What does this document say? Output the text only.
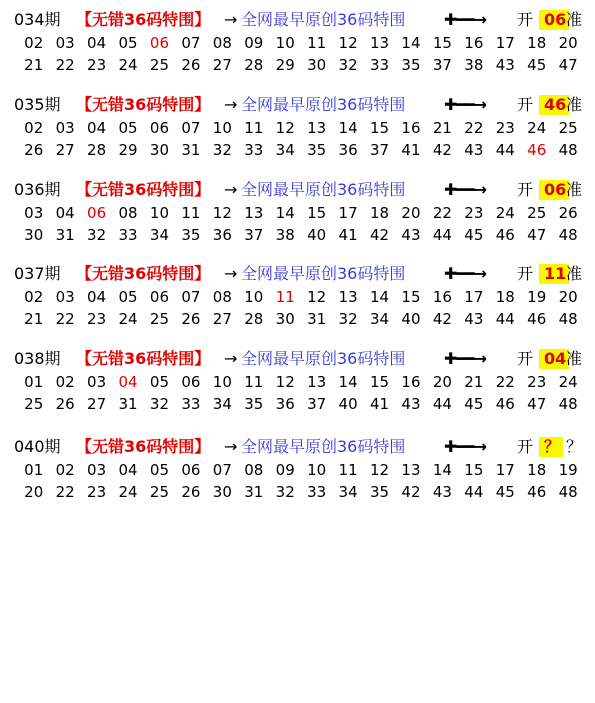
034期 【无错36码特围】 → 全网最早原创36码特围 ✚━━→ 开 06 准
02 03 04 05 06 07 08 09 10 11 12 13 14 15 16 17 18 20
21 22 23 24 25 26 27 28 29 30 32 33 35 37 38 43 45 47
035期 【无错36码特围】 → 全网最早原创36码特围 ✚━━→ 开 46 准
02 03 04 05 06 07 10 11 12 13 14 15 16 21 22 23 24 25
26 27 28 29 30 31 32 33 34 35 36 37 41 42 43 44 46 48
036期 【无错36码特围】 → 全网最早原创36码特围 ✚━━→ 开 06 准
03 04 06 08 10 11 12 13 14 15 17 18 20 22 23 24 25 26
30 31 32 33 34 35 36 37 38 40 41 42 43 44 45 46 47 48
037期 【无错36码特围】 → 全网最早原创36码特围 ✚━━→ 开 11 准
02 03 04 05 06 07 08 10 11 12 13 14 15 16 17 18 19 20
21 22 23 24 25 26 27 28 30 31 32 34 40 42 43 44 46 48
038期 【无错36码特围】 → 全网最早原创36码特围 ✚━━→ 开 04 准
01 02 03 04 05 06 10 11 12 13 14 15 16 20 21 22 23 24
25 26 27 31 32 33 34 35 36 37 40 41 43 44 45 46 47 48
040期 【无错36码特围】 → 全网最早原创36码特围 ✚━━→ 开 ？ ？
01 02 03 04 05 06 07 08 09 10 11 12 13 14 15 17 18 19
20 22 23 24 25 26 30 31 32 33 34 35 42 43 44 45 46 48
